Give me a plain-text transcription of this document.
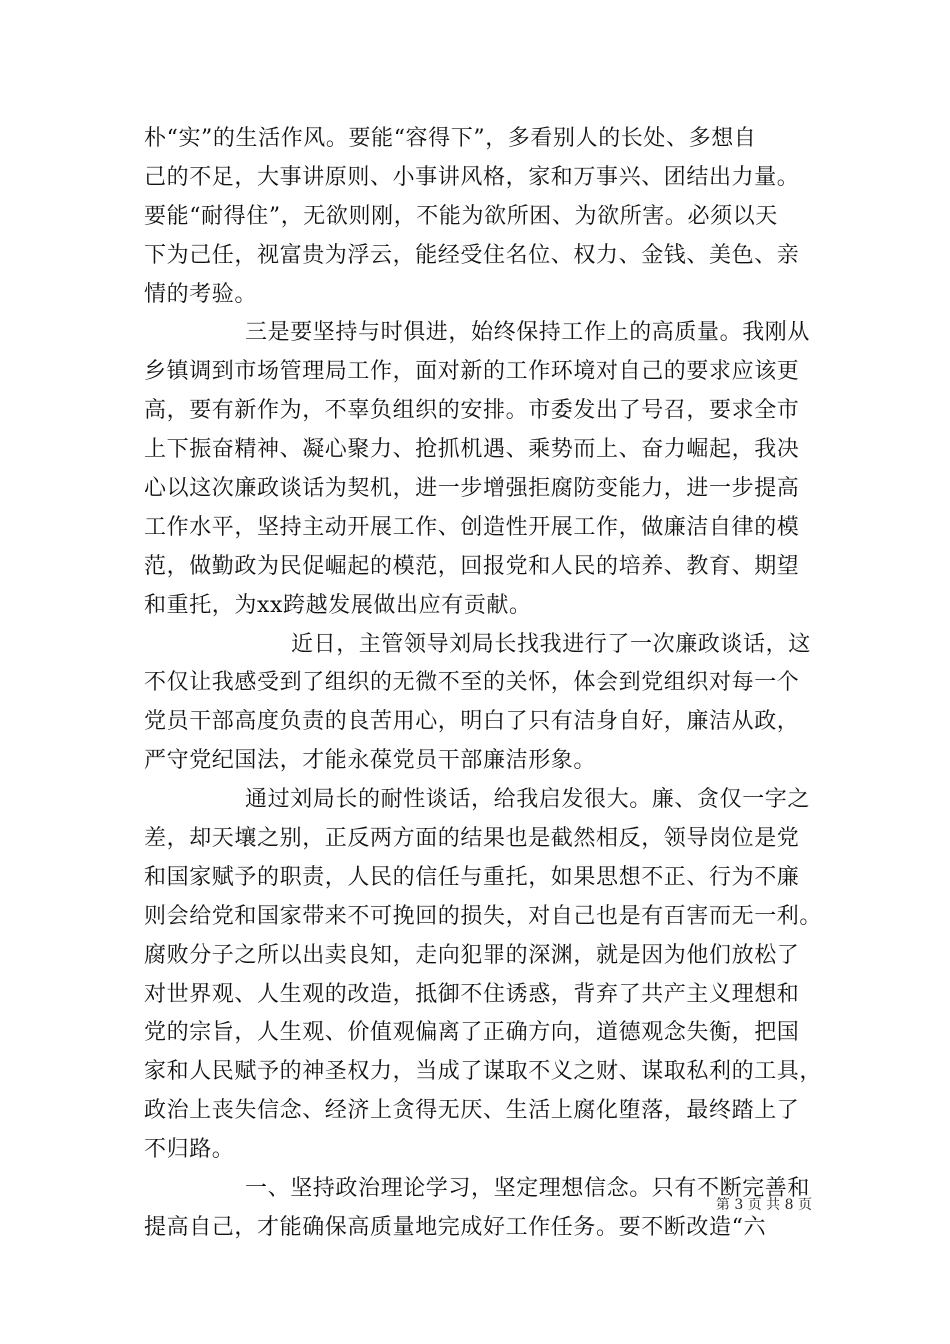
朴“实”的生活作风。要能“容得下”，多看别人的长处、多想自
己的不足，大事讲原则、小事讲风格，家和万事兴、团结出力量。
要能“耐得住”，无欲则刚，不能为欲所困、为欲所害。必须以天
下为己任，视富贵为浮云，能经受住名位、权力、金钱、美色、亲
情的考验。
三是要坚持与时俱进，始终保持工作上的高质量。我刚从
乡镇调到市场管理局工作，面对新的工作环境对自己的要求应该更
高，要有新作为，不辜负组织的安排。市委发出了号召，要求全市
上下振奋精神、凝心聚力、抢抓机遇、乘势而上、奋力崛起，我决
心以这次廉政谈话为契机，进一步增强拒腐防变能力，进一步提高
工作水平，坚持主动开展工作、创造性开展工作，做廉洁自律的模
范，做勤政为民促崛起的模范，回报党和人民的培养、教育、期望
和重托，为xx跨越发展做出应有贡献。
近日，主管领导刘局长找我进行了一次廉政谈话，这
不仅让我感受到了组织的无微不至的关怀，体会到党组织对每一个
党员干部高度负责的良苦用心，明白了只有洁身自好，廉洁从政，
严守党纪国法，才能永葆党员干部廉洁形象。
通过刘局长的耐性谈话，给我启发很大。廉、贪仅一字之
差，却天壤之别，正反两方面的结果也是截然相反，领导岗位是党
和国家赋予的职责，人民的信任与重托，如果思想不正、行为不廉
则会给党和国家带来不可挽回的损失，对自己也是有百害而无一利。
腐败分子之所以出卖良知，走向犯罪的深渊，就是因为他们放松了
对世界观、人生观的改造，抵御不住诱惑，背弃了共产主义理想和
党的宗旨，人生观、价值观偏离了正确方向，道德观念失衡，把国
家和人民赋予的神圣权力，当成了谋取不义之财、谋取私利的工具，
政治上丧失信念、经济上贪得无厌、生活上腐化堕落，最终踏上了
不归路。
一、坚持政治理论学习，坚定理想信念。只有不断完善和
提高自己，才能确保高质量地完成好工作任务。要不断改造“六
第 3 页 共 8 页
